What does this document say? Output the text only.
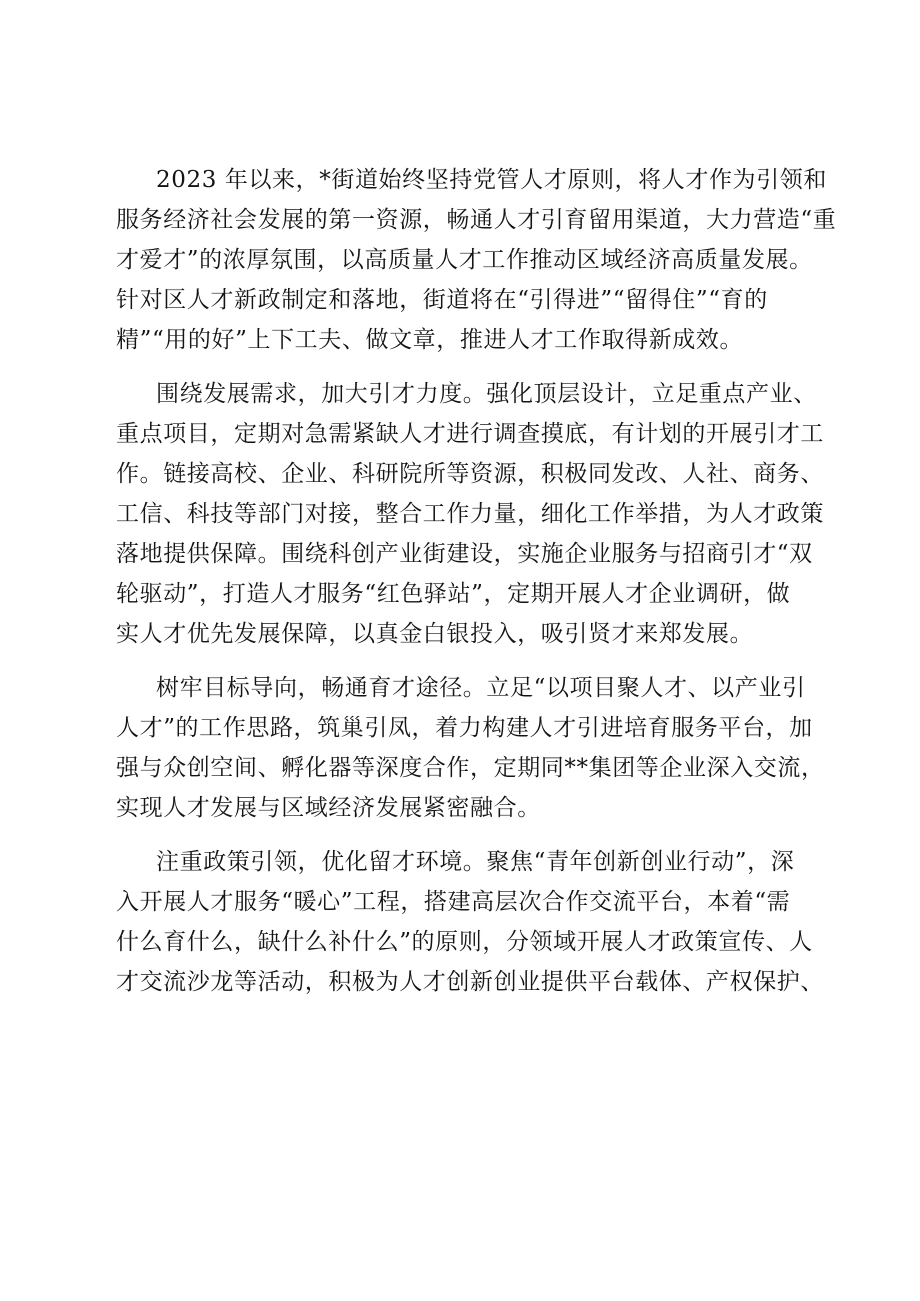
2023 年以来，*街道始终坚持党管人才原则，将人才作为引领和
服务经济社会发展的第一资源，畅通人才引育留用渠道，大力营造“重
才爱才”的浓厚氛围，以高质量人才工作推动区域经济高质量发展。
针对区人才新政制定和落地，街道将在“引得进”“留得住”“育的
精”“用的好”上下工夫、做文章，推进人才工作取得新成效。
围绕发展需求，加大引才力度。强化顶层设计，立足重点产业、
重点项目，定期对急需紧缺人才进行调查摸底，有计划的开展引才工
作。链接高校、企业、科研院所等资源，积极同发改、人社、商务、
工信、科技等部门对接，整合工作力量，细化工作举措，为人才政策
落地提供保障。围绕科创产业街建设，实施企业服务与招商引才“双
轮驱动”，打造人才服务“红色驿站”，定期开展人才企业调研，做
实人才优先发展保障，以真金白银投入，吸引贤才来郑发展。
树牢目标导向，畅通育才途径。立足“以项目聚人才、以产业引
人才”的工作思路，筑巢引凤，着力构建人才引进培育服务平台，加
强与众创空间、孵化器等深度合作，定期同**集团等企业深入交流，
实现人才发展与区域经济发展紧密融合。
注重政策引领，优化留才环境。聚焦“青年创新创业行动”，深
入开展人才服务“暖心”工程，搭建高层次合作交流平台，本着“需
什么育什么，缺什么补什么”的原则，分领域开展人才政策宣传、人
才交流沙龙等活动，积极为人才创新创业提供平台载体、产权保护、
